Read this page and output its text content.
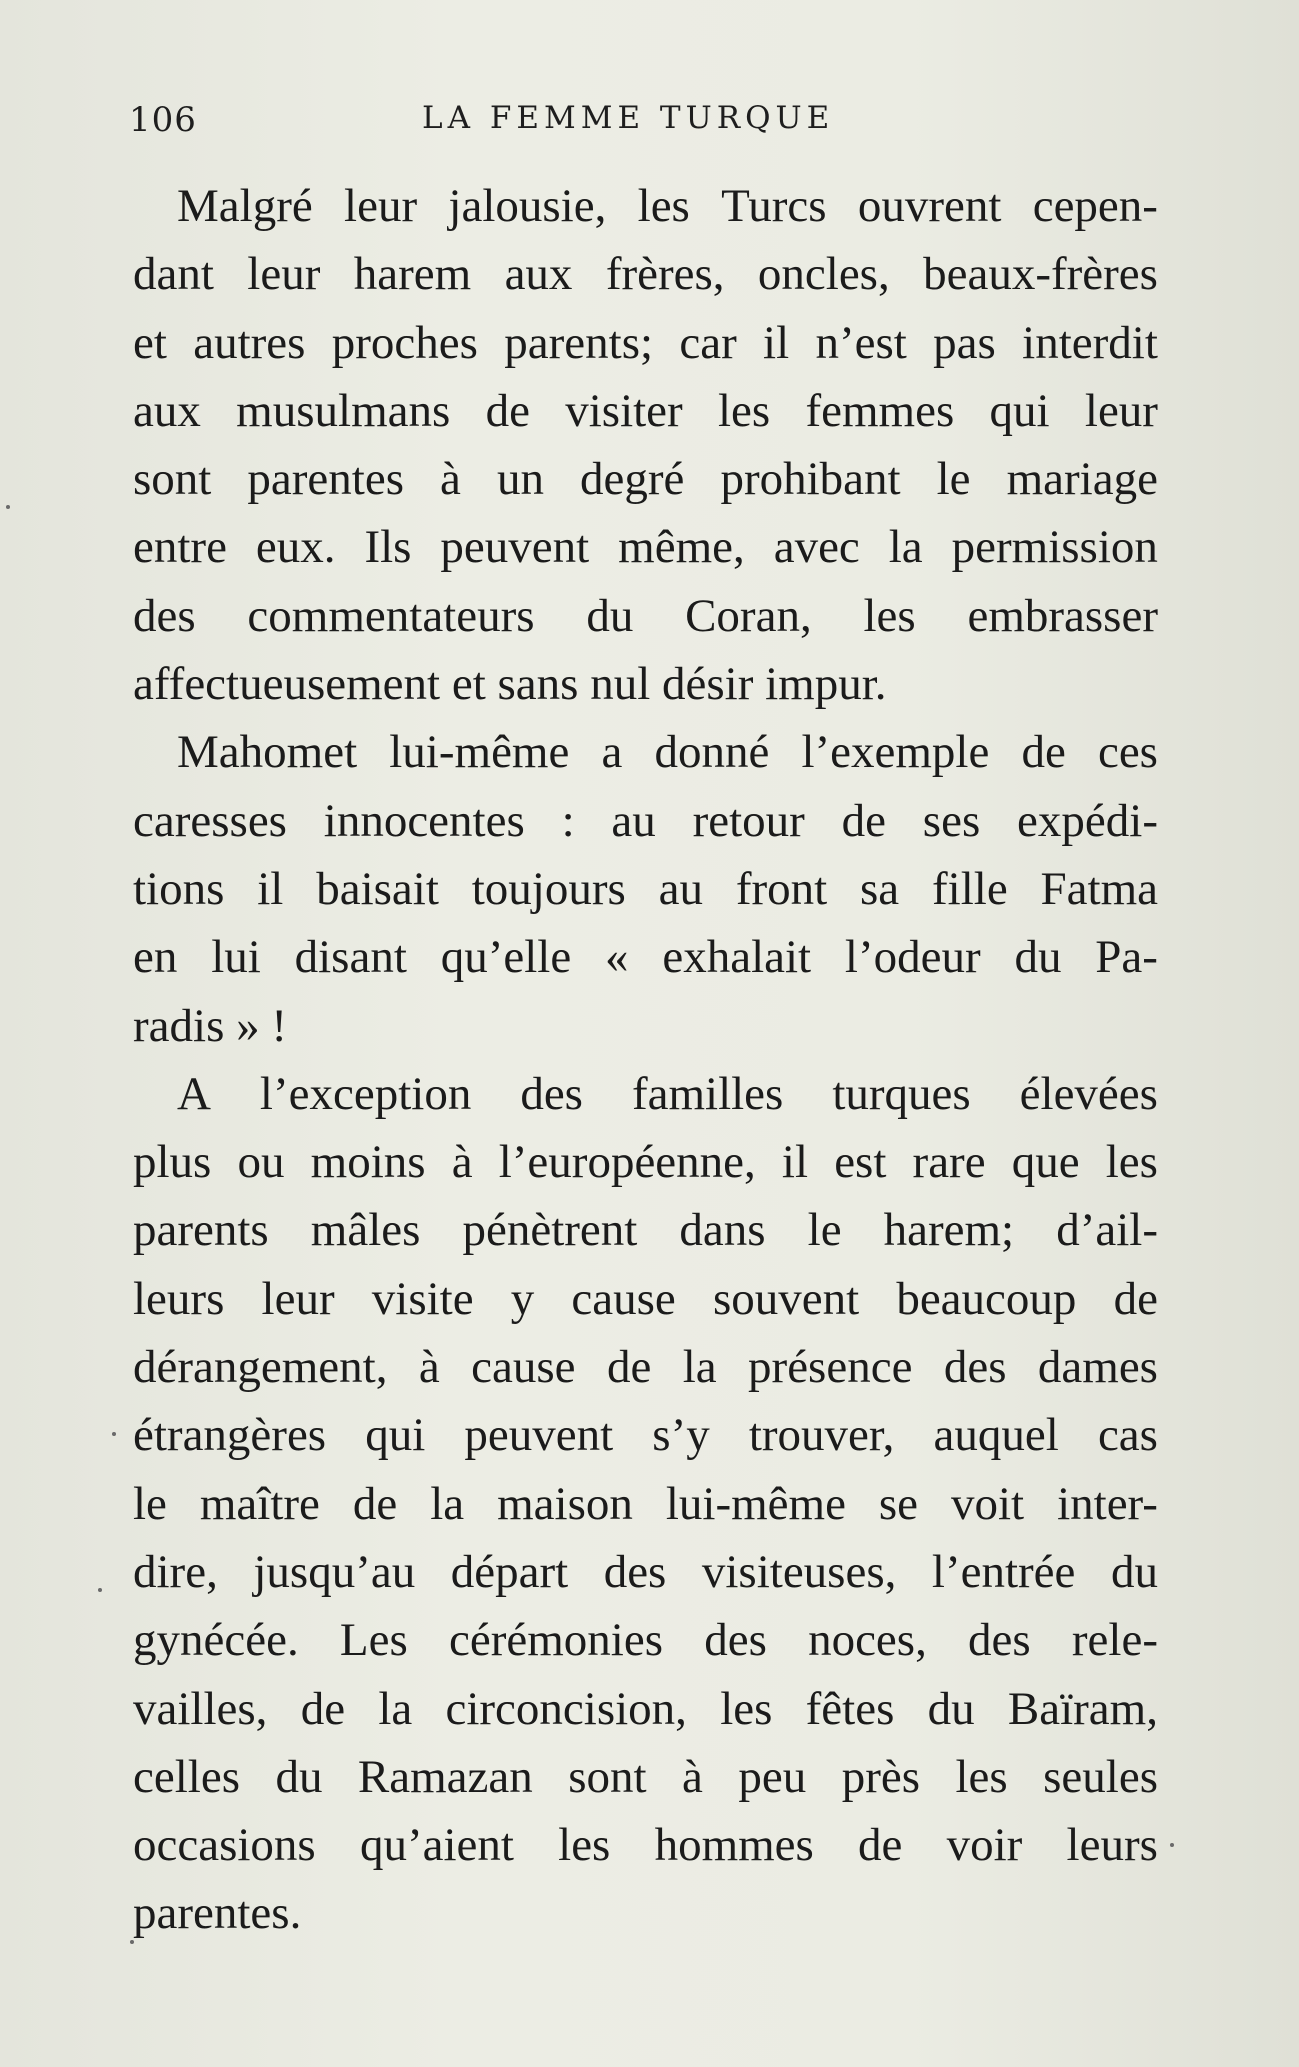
106	LA FEMME TURQUE
Malgré leur jalousie, les Turcs ouvrent cepen-
dant leur harem aux frères, oncles, beaux-frères
et autres proches parents; car il n’est pas interdit
aux musulmans de visiter les femmes qui leur
sont parentes à un degré prohibant le mariage
entre eux. Ils peuvent même, avec la permission
des commentateurs du Coran, les embrasser
affectueusement et sans nul désir impur.
Mahomet lui-même a donné l’exemple de ces
caresses innocentes : au retour de ses expédi-
tions il baisait toujours au front sa fille Fatma
en lui disant qu’elle « exhalait l’odeur du Pa-
radis » !
A l’exception des familles turques élevées
plus ou moins à l’européenne, il est rare que les
parents mâles pénètrent dans le harem; d’ail-
leurs leur visite y cause souvent beaucoup de
dérangement, à cause de la présence des dames
étrangères qui peuvent s’y trouver, auquel cas
le maître de la maison lui-même se voit inter-
dire, jusqu’au départ des visiteuses, l’entrée du
gynécée. Les cérémonies des noces, des rele-
vailles, de la circoncision, les fêtes du Baïram,
celles du Ramazan sont à peu près les seules
occasions qu’aient les hommes de voir leurs
parentes.
